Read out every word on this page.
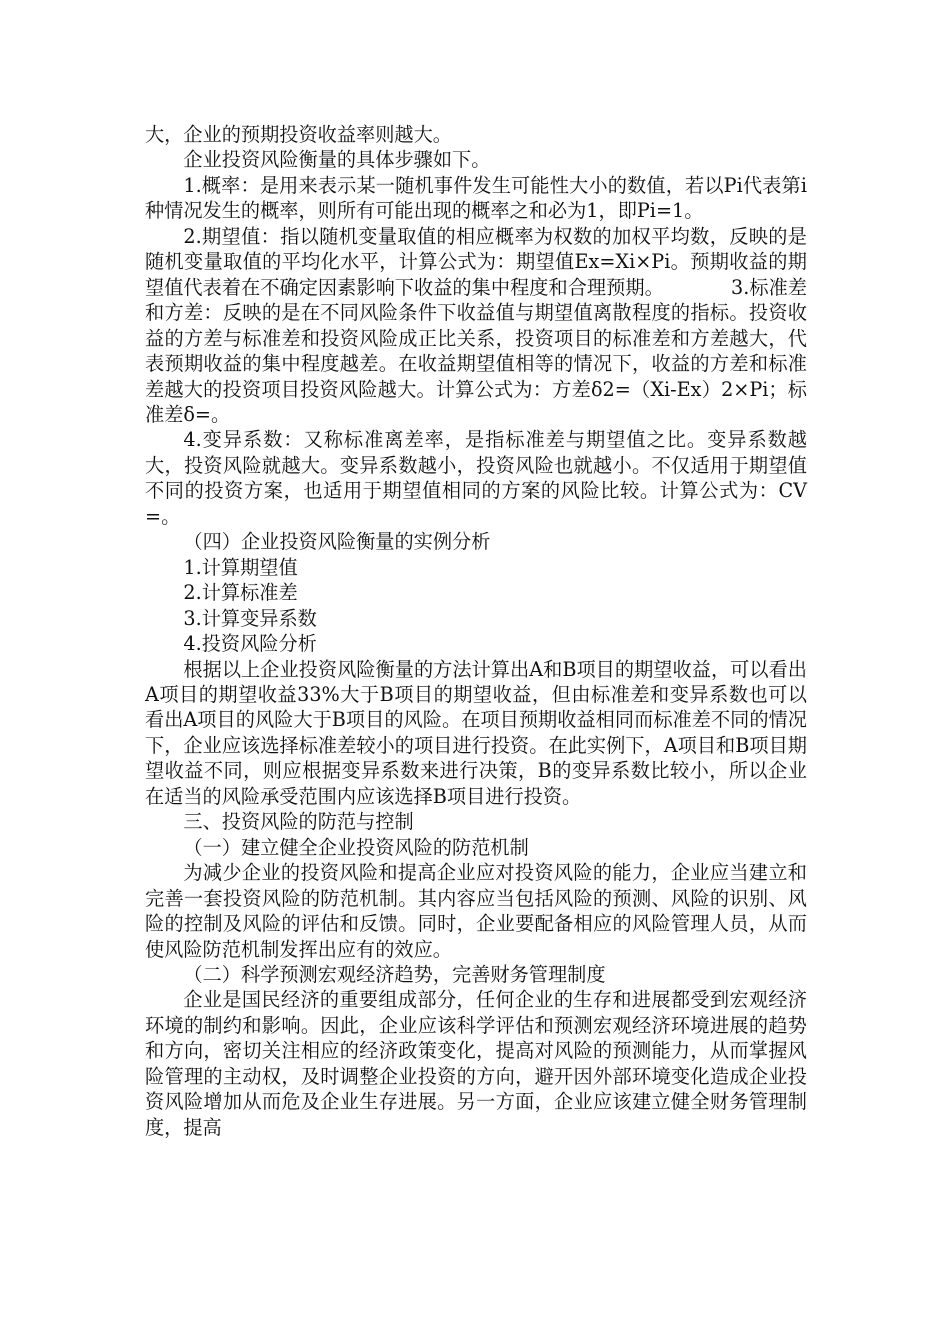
大，企业的预期投资收益率则越大。

企业投资风险衡量的具体步骤如下。

1.概率：是用来表示某一随机事件发生可能性大小的数值，若以Pi代表第i种情况发生的概率，则所有可能出现的概率之和必为1，即Pi=1。

2.期望值：指以随机变量取值的相应概率为权数的加权平均数，反映的是随机变量取值的平均化水平，计算公式为：期望值Ex=Xi×Pi。预期收益的期望值代表着在不确定因素影响下收益的集中程度和合理预期。　　　　3.标准差和方差：反映的是在不同风险条件下收益值与期望值离散程度的指标。投资收益的方差与标准差和投资风险成正比关系，投资项目的标准差和方差越大，代表预期收益的集中程度越差。在收益期望值相等的情况下，收益的方差和标准差越大的投资项目投资风险越大。计算公式为：方差δ2=（Xi-Ex）2×Pi；标准差δ=。

4.变异系数：又称标准离差率，是指标准差与期望值之比。变异系数越大，投资风险就越大。变异系数越小，投资风险也就越小。不仅适用于期望值不同的投资方案，也适用于期望值相同的方案的风险比较。计算公式为：CV=。

（四）企业投资风险衡量的实例分析

1.计算期望值

2.计算标准差

3.计算变异系数

4.投资风险分析

根据以上企业投资风险衡量的方法计算出A和B项目的期望收益，可以看出A项目的期望收益33%大于B项目的期望收益，但由标准差和变异系数也可以看出A项目的风险大于B项目的风险。在项目预期收益相同而标准差不同的情况下，企业应该选择标准差较小的项目进行投资。在此实例下，A项目和B项目期望收益不同，则应根据变异系数来进行决策，B的变异系数比较小，所以企业在适当的风险承受范围内应该选择B项目进行投资。

三、投资风险的防范与控制

（一）建立健全企业投资风险的防范机制

为减少企业的投资风险和提高企业应对投资风险的能力，企业应当建立和完善一套投资风险的防范机制。其内容应当包括风险的预测、风险的识别、风险的控制及风险的评估和反馈。同时，企业要配备相应的风险管理人员，从而使风险防范机制发挥出应有的效应。

（二）科学预测宏观经济趋势，完善财务管理制度

企业是国民经济的重要组成部分，任何企业的生存和进展都受到宏观经济环境的制约和影响。因此，企业应该科学评估和预测宏观经济环境进展的趋势和方向，密切关注相应的经济政策变化，提高对风险的预测能力，从而掌握风险管理的主动权，及时调整企业投资的方向，避开因外部环境变化造成企业投资风险增加从而危及企业生存进展。另一方面，企业应该建立健全财务管理制度，提高
